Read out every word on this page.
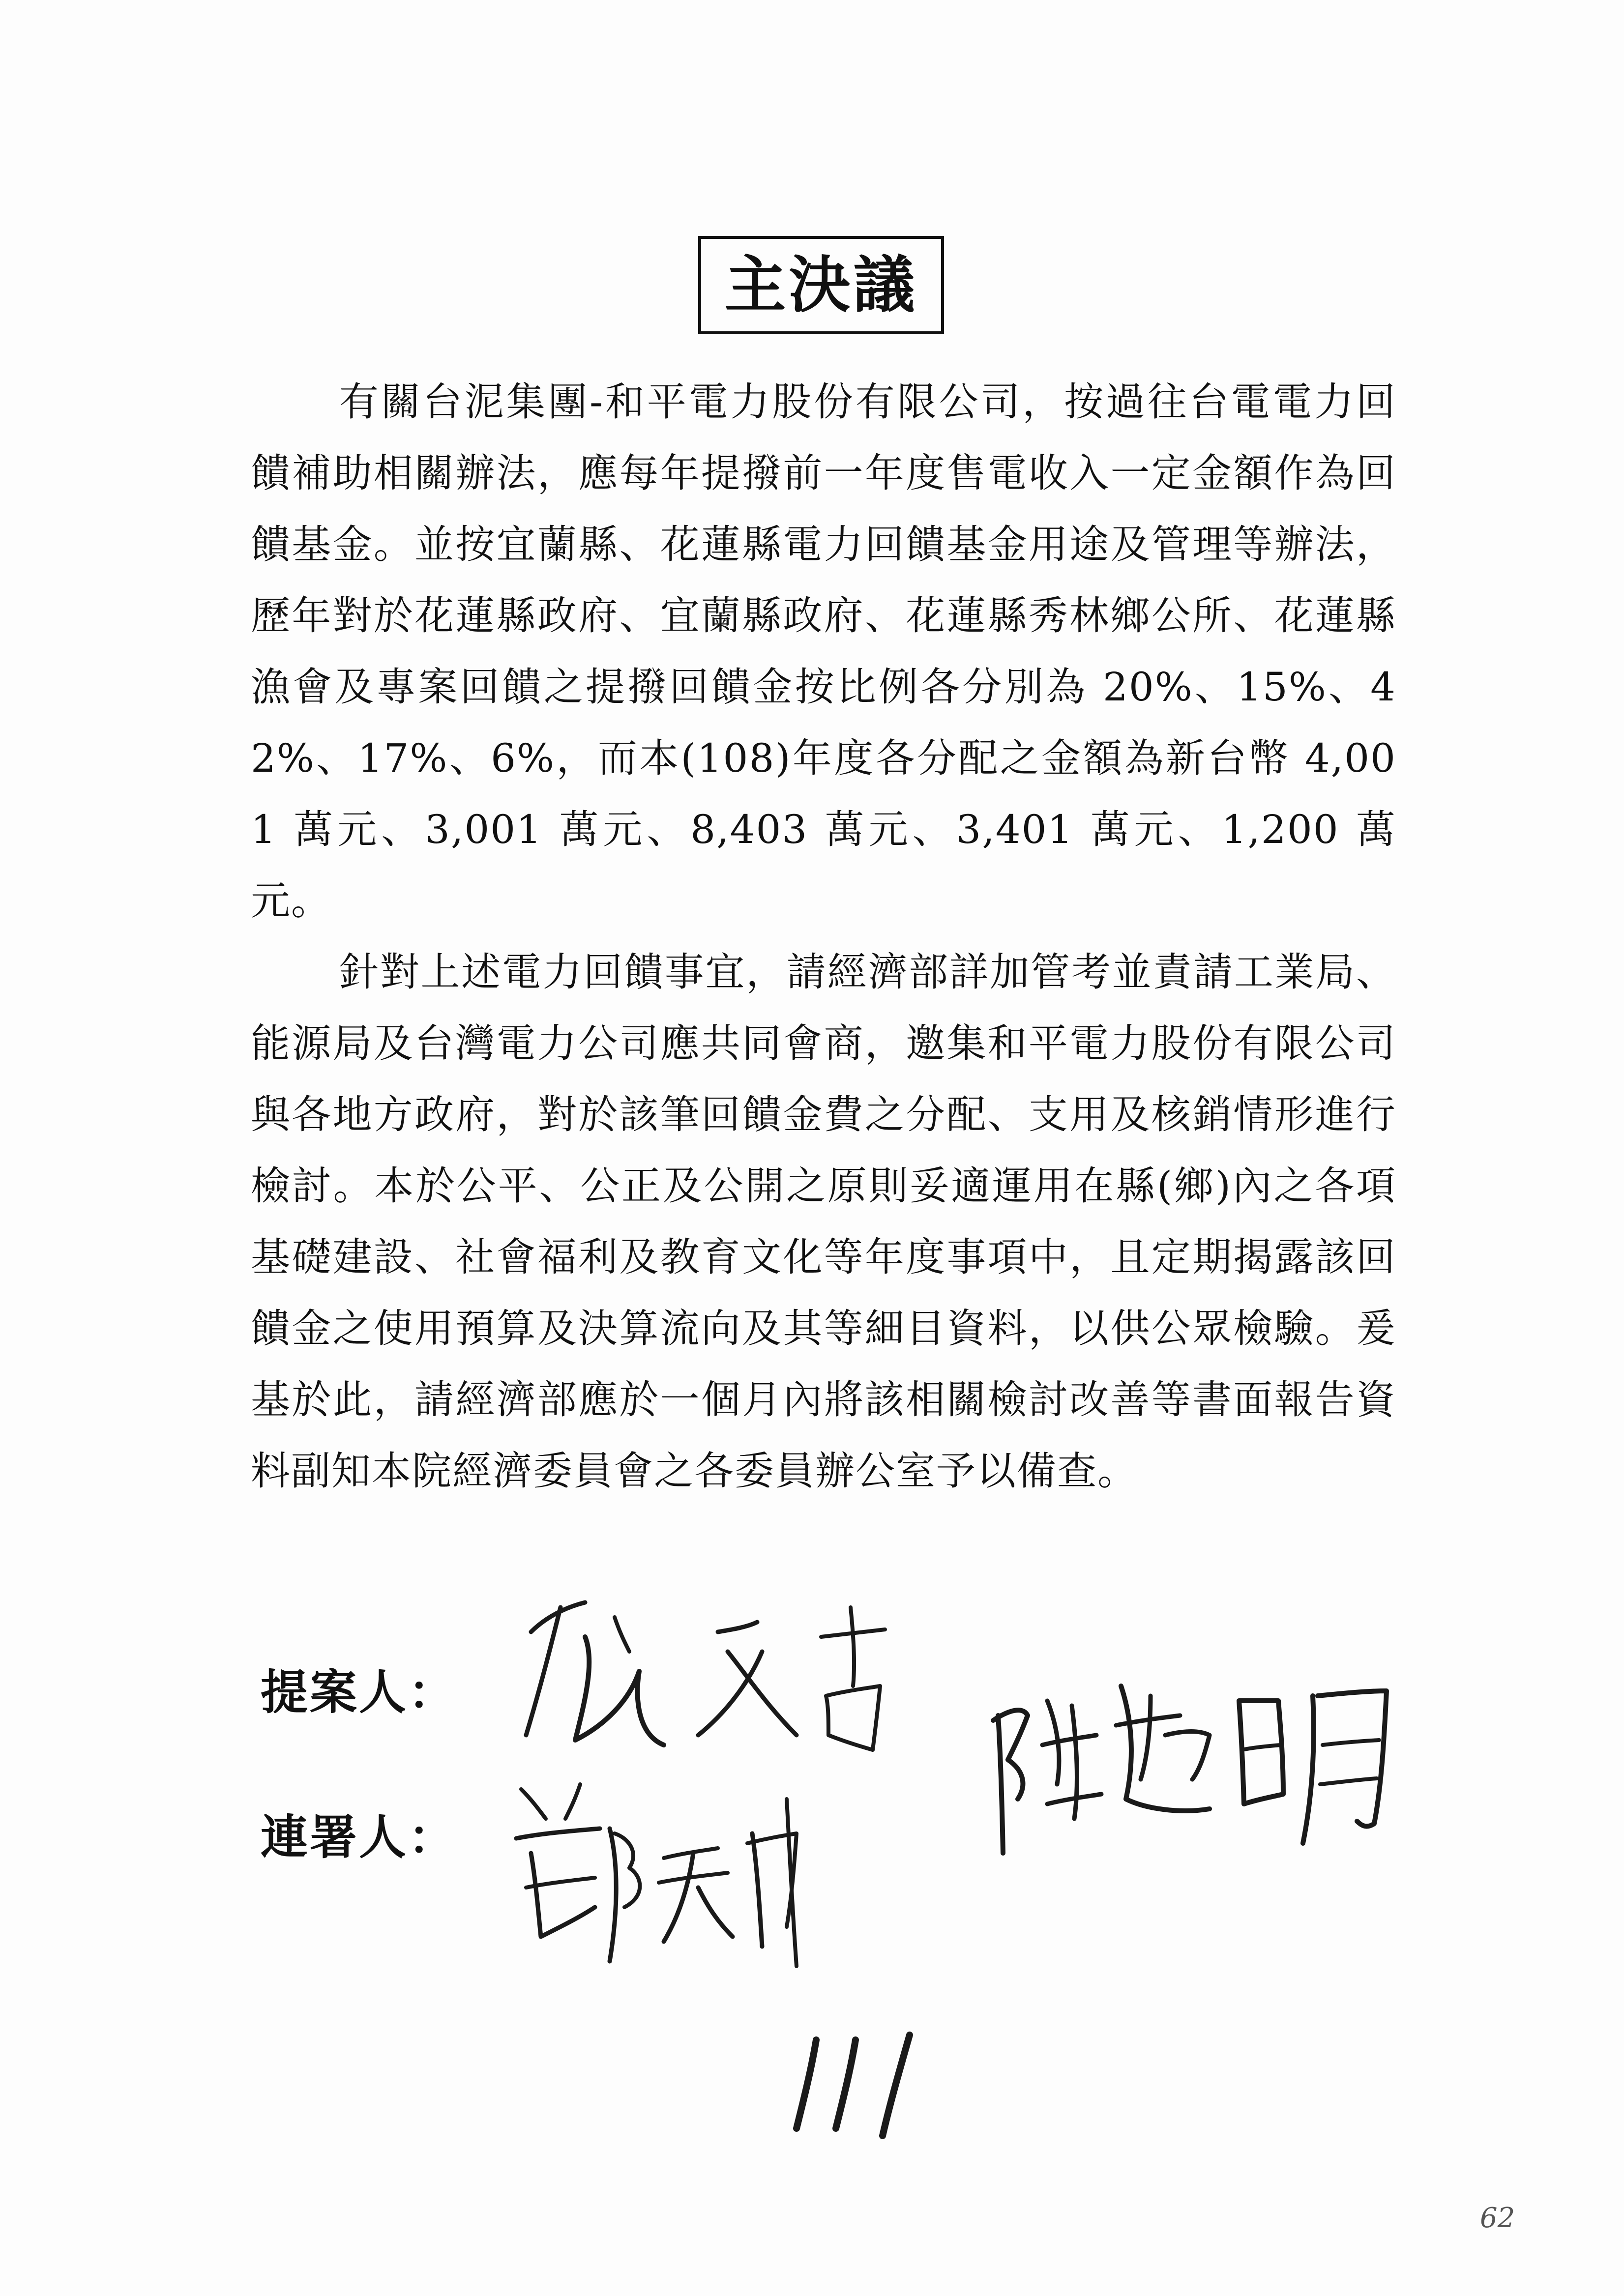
主決議

有關台泥集團-和平電力股份有限公司，按過往台電電力回饋補助相關辦法，應每年提撥前一年度售電收入一定金額作為回饋基金。並按宜蘭縣、花蓮縣電力回饋基金用途及管理等辦法，歷年對於花蓮縣政府、宜蘭縣政府、花蓮縣秀林鄉公所、花蓮縣漁會及專案回饋之提撥回饋金按比例各分別為 20%、15%、42%、17%、6%，而本(108)年度各分配之金額為新台幣 4,001 萬元、3,001 萬元、8,403 萬元、3,401 萬元、1,200 萬元。

針對上述電力回饋事宜，請經濟部詳加管考並責請工業局、能源局及台灣電力公司應共同會商，邀集和平電力股份有限公司與各地方政府，對於該筆回饋金費之分配、支用及核銷情形進行檢討。本於公平、公正及公開之原則妥適運用在縣(鄉)內之各項基礎建設、社會福利及教育文化等年度事項中，且定期揭露該回饋金之使用預算及決算流向及其等細目資料，以供公眾檢驗。爰基於此，請經濟部應於一個月內將該相關檢討改善等書面報告資料副知本院經濟委員會之各委員辦公室予以備查。

提案人：
連署人：
62
